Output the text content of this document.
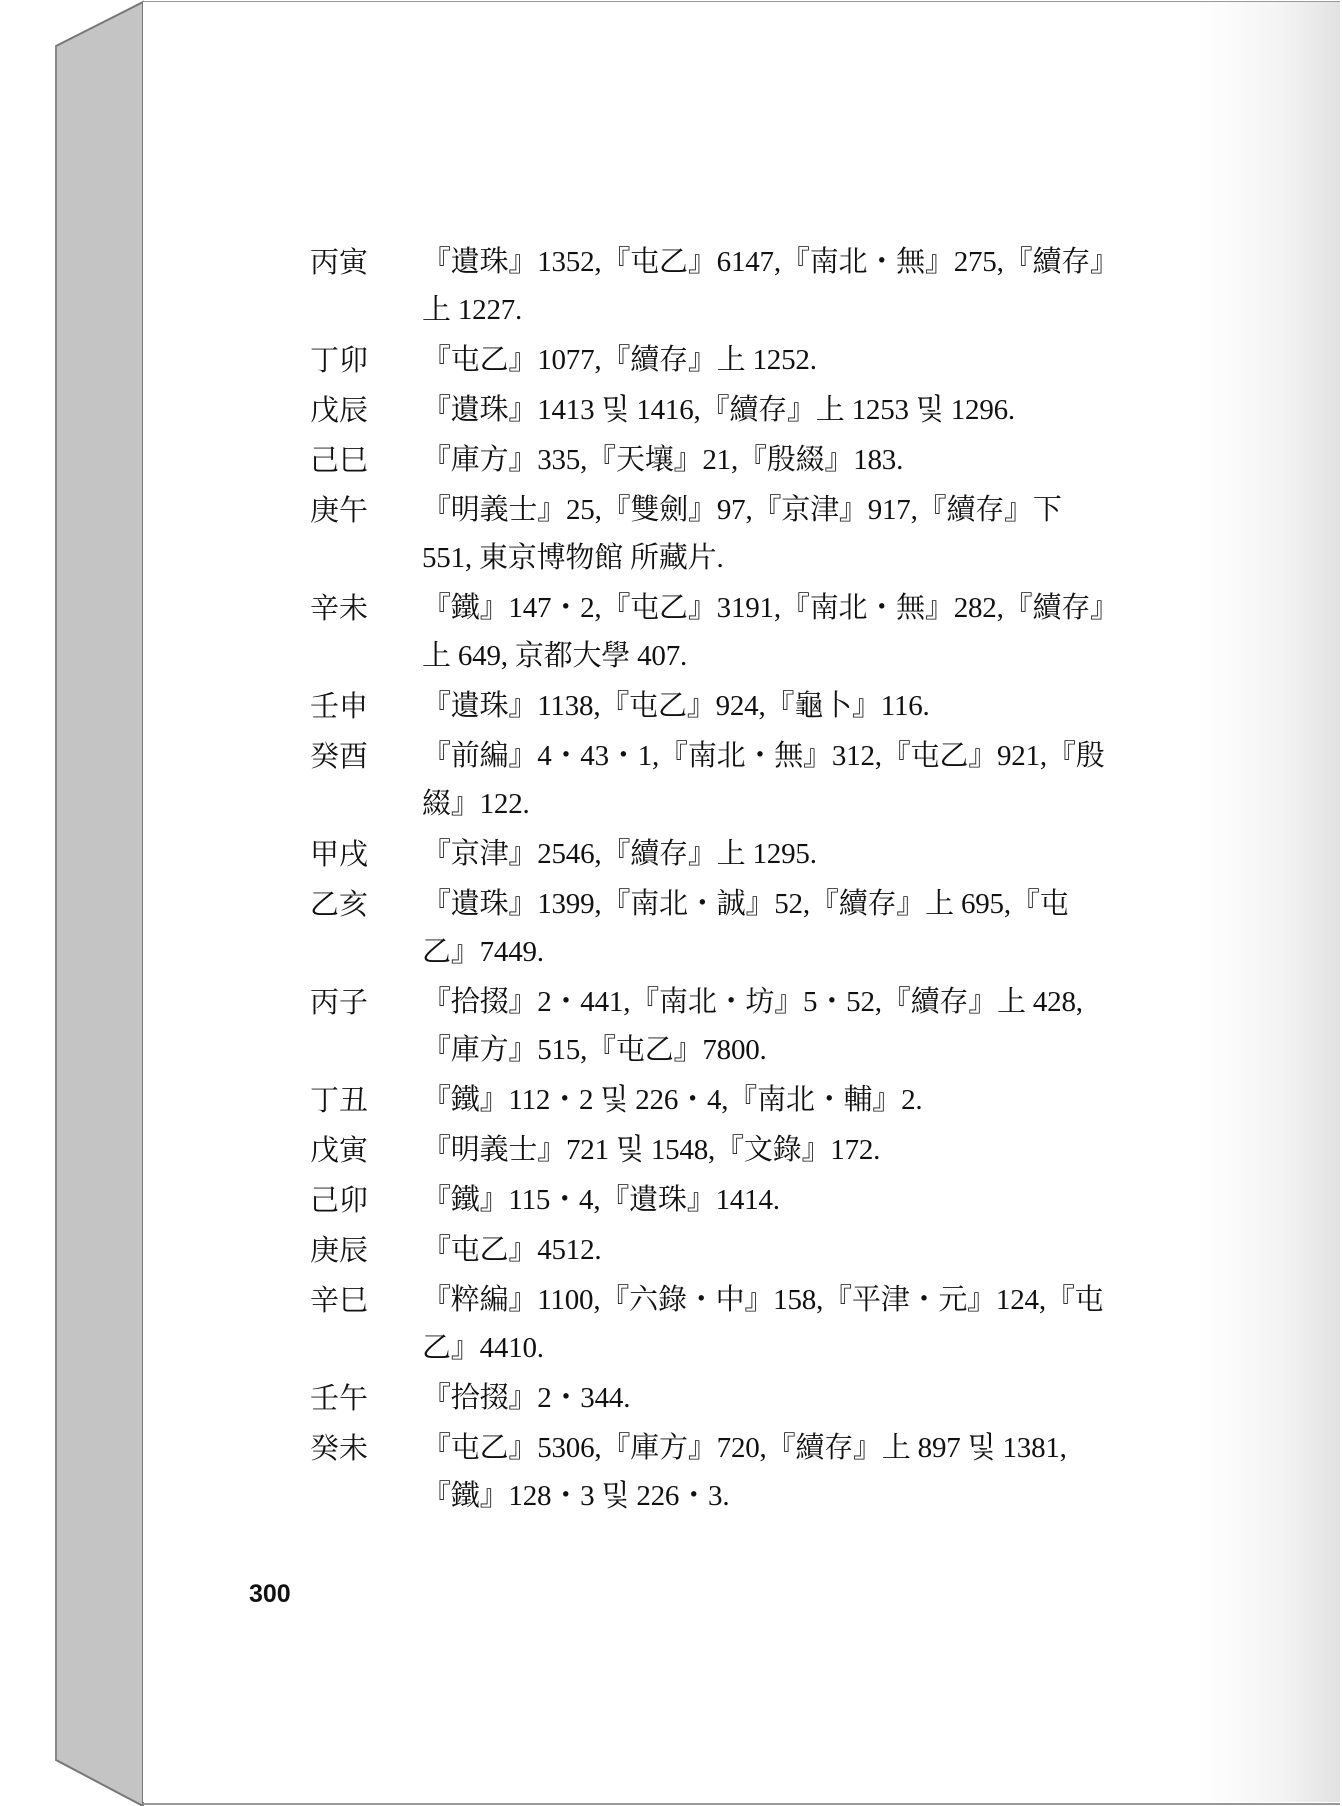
丙寅 『遺珠』1352,『屯乙』6147,『南北・無』275,『續存』
上 1227.
丁卯 『屯乙』1077,『續存』上 1252.
戊辰 『遺珠』1413 및 1416,『續存』上 1253 및 1296.
己巳 『庫方』335,『天壤』21,『殷綴』183.
庚午 『明義士』25,『雙劍』97,『京津』917,『續存』下
551, 東京博物館 所藏片.
辛未 『鐵』147・2,『屯乙』3191,『南北・無』282,『續存』
上 649, 京都大學 407.
壬申 『遺珠』1138,『屯乙』924,『龜卜』116.
癸酉 『前編』4・43・1,『南北・無』312,『屯乙』921,『殷
綴』122.
甲戌 『京津』2546,『續存』上 1295.
乙亥 『遺珠』1399,『南北・誠』52,『續存』上 695,『屯
乙』7449.
丙子 『拾掇』2・441,『南北・坊』5・52,『續存』上 428,
『庫方』515,『屯乙』7800.
丁丑 『鐵』112・2 및 226・4,『南北・輔』2.
戊寅 『明義士』721 및 1548,『文錄』172.
己卯 『鐵』115・4,『遺珠』1414.
庚辰 『屯乙』4512.
辛巳 『粹編』1100,『六錄・中』158,『平津・元』124,『屯
乙』4410.
壬午 『拾掇』2・344.
癸未 『屯乙』5306,『庫方』720,『續存』上 897 및 1381,
『鐵』128・3 및 226・3.
300
